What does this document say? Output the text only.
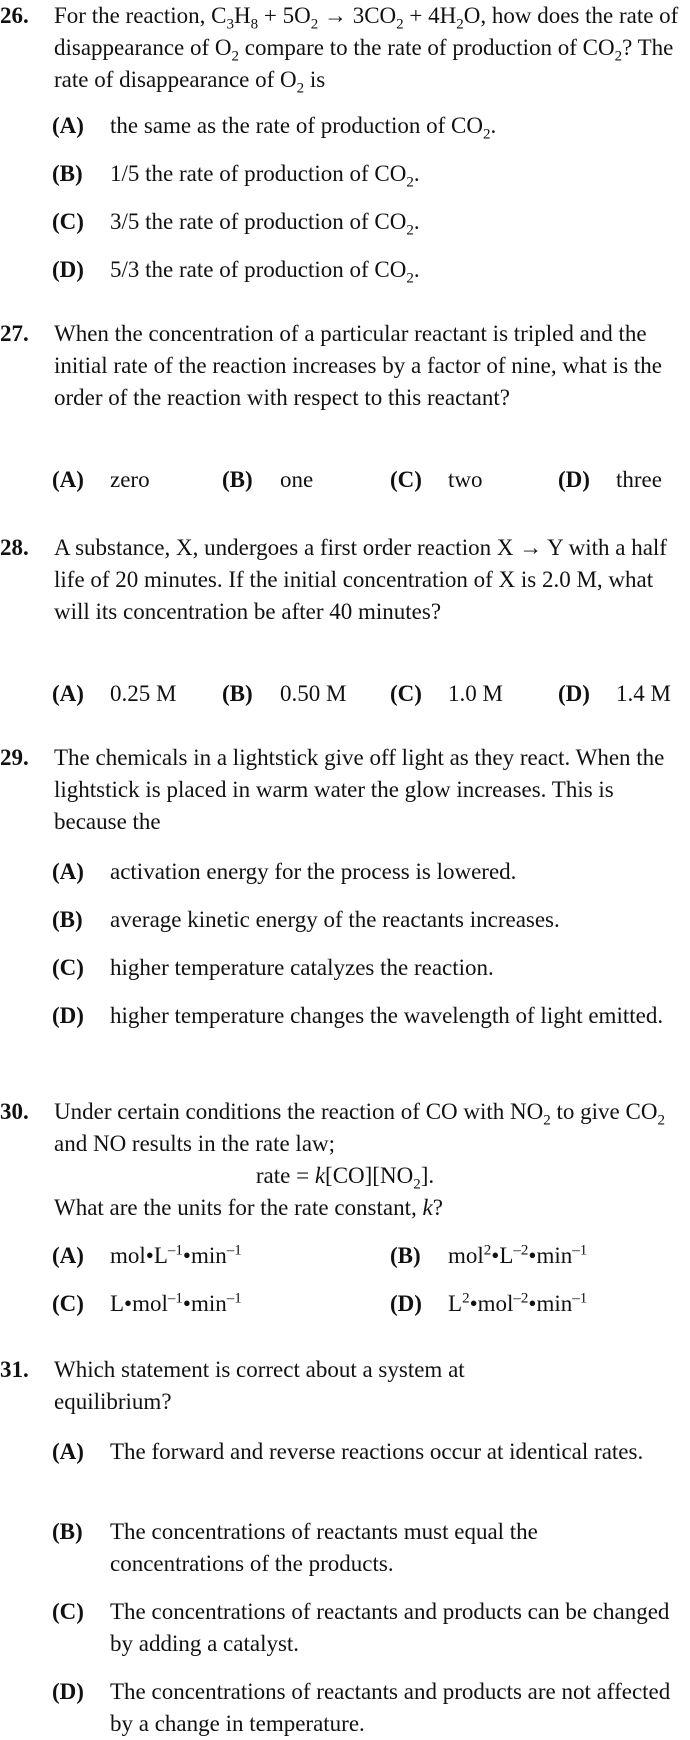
26. For the reaction, $C_3H_8 + 5O_2 \to 3CO_2 + 4H_2O$, how does the rate of disappearance of $O_2$ compare to the rate of production of $CO_2$? The rate of disappearance of $O_2$ is
(A) the same as the rate of production of $CO_2$.
(B) 1/5 the rate of production of $CO_2$.
(C) 3/5 the rate of production of $CO_2$.
(D) 5/3 the rate of production of $CO_2$.
27. When the concentration of a particular reactant is tripled and the initial rate of the reaction increases by a factor of nine, what is the order of the reaction with respect to this reactant?
(A) zero	(B) one	(C) two	(D) three
28. A substance, X, undergoes a first order reaction X → Y with a half life of 20 minutes. If the initial concentration of X is 2.0 M, what will its concentration be after 40 minutes?
(A) 0.25 M (B) 0.50 M (C) 1.0 M (D) 1.4 M
29. The chemicals in a lightstick give off light as they react. When the lightstick is placed in warm water the glow increases. This is because the
(A) activation energy for the process is lowered.
(B) average kinetic energy of the reactants increases.
(C) higher temperature catalyzes the reaction.
(D) higher temperature changes the wavelength of light emitted.
30. Under certain conditions the reaction of CO with $NO_2$ to give $CO_2$ and NO results in the rate law;
rate = $k[CO][NO_2]$.
What are the units for the rate constant, k?
(A) $mol•L^{-1}•\min^{-1}$	(B) $mol^2•L^{-2}•\min^{-1}$
(C) $L•mol^{-1}•\min^{-1}$	(D) $L^2•mol^{-2}•\min^{-1}$
31. Which statement is correct about a system at equilibrium?
(A) The forward and reverse reactions occur at identical rates.
(B) The concentrations of reactants must equal the concentrations of the products.
(C) The concentrations of reactants and products can be changed by adding a catalyst.
(D) The concentrations of reactants and products are not affected by a change in temperature.
